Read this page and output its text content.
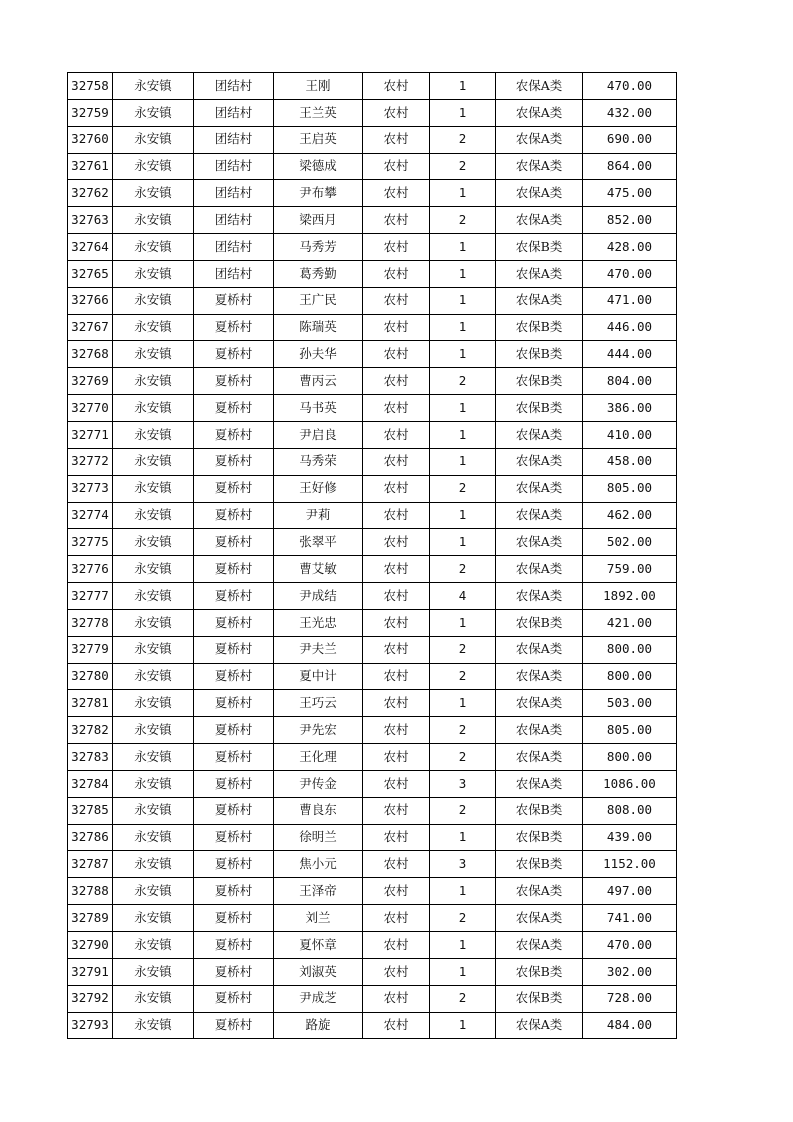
32758	永安镇	团结村	王刚	农村	1	农保A类	470.00
32759	永安镇	团结村	王兰英	农村	1	农保A类	432.00
32760	永安镇	团结村	王启英	农村	2	农保A类	690.00
32761	永安镇	团结村	梁德成	农村	2	农保A类	864.00
32762	永安镇	团结村	尹布攀	农村	1	农保A类	475.00
32763	永安镇	团结村	梁西月	农村	2	农保A类	852.00
32764	永安镇	团结村	马秀芳	农村	1	农保B类	428.00
32765	永安镇	团结村	葛秀勤	农村	1	农保A类	470.00
32766	永安镇	夏桥村	王广民	农村	1	农保A类	471.00
32767	永安镇	夏桥村	陈瑞英	农村	1	农保B类	446.00
32768	永安镇	夏桥村	孙夫华	农村	1	农保B类	444.00
32769	永安镇	夏桥村	曹丙云	农村	2	农保B类	804.00
32770	永安镇	夏桥村	马书英	农村	1	农保B类	386.00
32771	永安镇	夏桥村	尹启良	农村	1	农保A类	410.00
32772	永安镇	夏桥村	马秀荣	农村	1	农保A类	458.00
32773	永安镇	夏桥村	王好修	农村	2	农保A类	805.00
32774	永安镇	夏桥村	尹莉	农村	1	农保A类	462.00
32775	永安镇	夏桥村	张翠平	农村	1	农保A类	502.00
32776	永安镇	夏桥村	曹艾敏	农村	2	农保A类	759.00
32777	永安镇	夏桥村	尹成结	农村	4	农保A类	1892.00
32778	永安镇	夏桥村	王光忠	农村	1	农保B类	421.00
32779	永安镇	夏桥村	尹夫兰	农村	2	农保A类	800.00
32780	永安镇	夏桥村	夏中计	农村	2	农保A类	800.00
32781	永安镇	夏桥村	王巧云	农村	1	农保A类	503.00
32782	永安镇	夏桥村	尹先宏	农村	2	农保A类	805.00
32783	永安镇	夏桥村	王化理	农村	2	农保A类	800.00
32784	永安镇	夏桥村	尹传金	农村	3	农保A类	1086.00
32785	永安镇	夏桥村	曹良东	农村	2	农保B类	808.00
32786	永安镇	夏桥村	徐明兰	农村	1	农保B类	439.00
32787	永安镇	夏桥村	焦小元	农村	3	农保B类	1152.00
32788	永安镇	夏桥村	王泽帝	农村	1	农保A类	497.00
32789	永安镇	夏桥村	刘兰	农村	2	农保A类	741.00
32790	永安镇	夏桥村	夏怀章	农村	1	农保A类	470.00
32791	永安镇	夏桥村	刘淑英	农村	1	农保B类	302.00
32792	永安镇	夏桥村	尹成芝	农村	2	农保B类	728.00
32793	永安镇	夏桥村	路旋	农村	1	农保A类	484.00
